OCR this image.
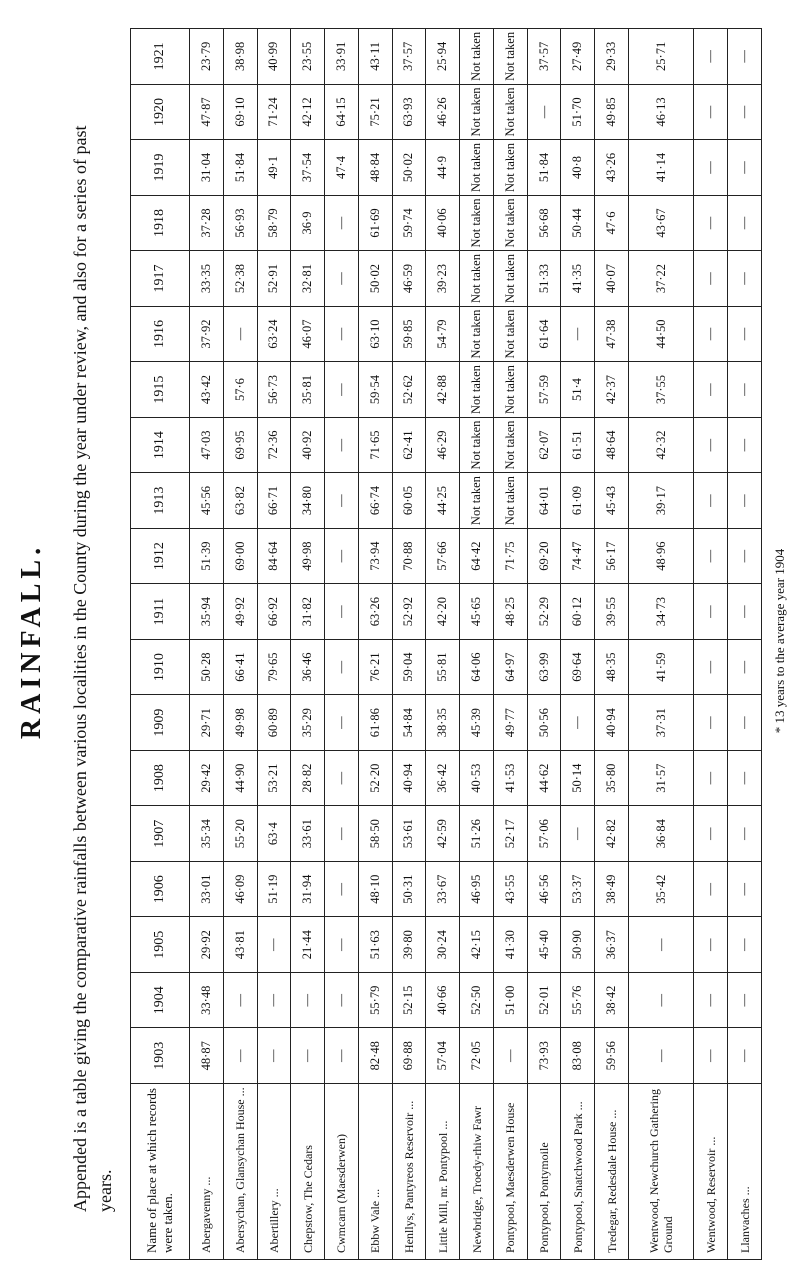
RAINFALL. Appended is a table giving the comparative rainfalls between various localities in the County during the year under review, and also for a series of past years. Name of place at which records were taken.	1903	1904	1905	1906	1907	1908	1909	1910	1911	1912	1913	1914	1915	1916	1917	1918	1919	1920	1921
Abergavenny ...	48·87	33·48	29·92	33·01	35·34	29·42	29·71	50·28	35·94	51·39	45·56	47·03	43·42	37·92	33·35	37·28	31·04	47·87	23·79
Abersychan, Glansychan House ...	—	—	43·81	46·09	55·20	44·90	49·98	66·41	49·92	69·00	63·82	69·95	57·6	—	52·38	56·93	51·84	69·10	38·98
Abertillery ...	—	—	—	51·19	63·4	53·21	60·89	79·65	66·92	84·64	66·71	72·36	56·73	63·24	52·91	58·79	49·1	71·24	40·99
Chepstow, The Cedars	—	—	21·44	31·94	33·61	28·82	35·29	36·46	31·82	49·98	34·80	40·92	35·81	46·07	32·81	36·9	37·54	42·12	23·55
Cwmcarn (Maesderwen)	—	—	—	—	—	—	—	—	—	—	—	—	—	—	—	—	47·4	64·15	33·91
Ebbw Vale ...	82·48	55·79	51·63	48·10	58·50	52·20	61·86	76·21	63·26	73·94	66·74	71·65	59·54	63·10	50·02	61·69	48·84	75·21	43·11
Henllys, Pantyreos Reservoir ...	69·88	52·15	39·80	50·31	53·61	40·94	54·84	59·04	52·92	70·88	60·05	62·41	52·62	59·85	46·59	59·74	50·02	63·93	37·57
Little Mill, nr. Pontypool ...	57·04	40·66	30·24	33·67	42·59	36·42	38·35	55·81	42·20	57·66	44·25	46·29	42·88	54·79	39·23	40·06	44·9	46·26	25·94
Newbridge, Troedy-rhiw Fawr	72·05	52·50	42·15	46·95	51·26	40·53	45·39	64·06	45·65	64·42	Not taken	Not taken	Not taken	Not taken	Not taken	Not taken	Not taken	Not taken	Not taken
Pontypool, Maesderwen House	—	51·00	41·30	43·55	52·17	41·53	49·77	64·97	48·25	71·75	Not taken	Not taken	Not taken	Not taken	Not taken	Not taken	Not taken	Not taken	Not taken
Pontypool, Pontymoile	73·93	52·01	45·40	46·56	57·06	44·62	50·56	63·99	52·29	69·20	64·01	62·07	57·59	61·64	51·33	56·68	51·84	—	37·57
Pontypool, Snatchwood Park ...	83·08	55·76	50·90	53·37	—	50·14	—	69·64	60·12	74·47	61·09	61·51	51·4	—	41·35	50·44	40·8	51·70	27·49
Tredegar, Redesdale House ...	59·56	38·42	36·37	38·49	42·82	35·80	40·94	48·35	39·55	56·17	45·43	48·64	42·37	47·38	40·07	47·6	43·26	49·85	29·33
Wentwood, Newchurch Gathering Ground	—	—	—	35·42	36·84	31·57	37·31	41·59	34·73	48·96	39·17	42·32	37·55	44·50	37·22	43·67	41·14	46·13	25·71
Wentwood, Reservoir ...	—	—	—	—	—	—	—	—	—	—	—	—	—	—	—	—	—	—	—
Llanvaches ...	—	—	—	—	—	—	—	—	—	—	—	—	—	—	—	—	—	—	—
* 13 years to the average year 1904
